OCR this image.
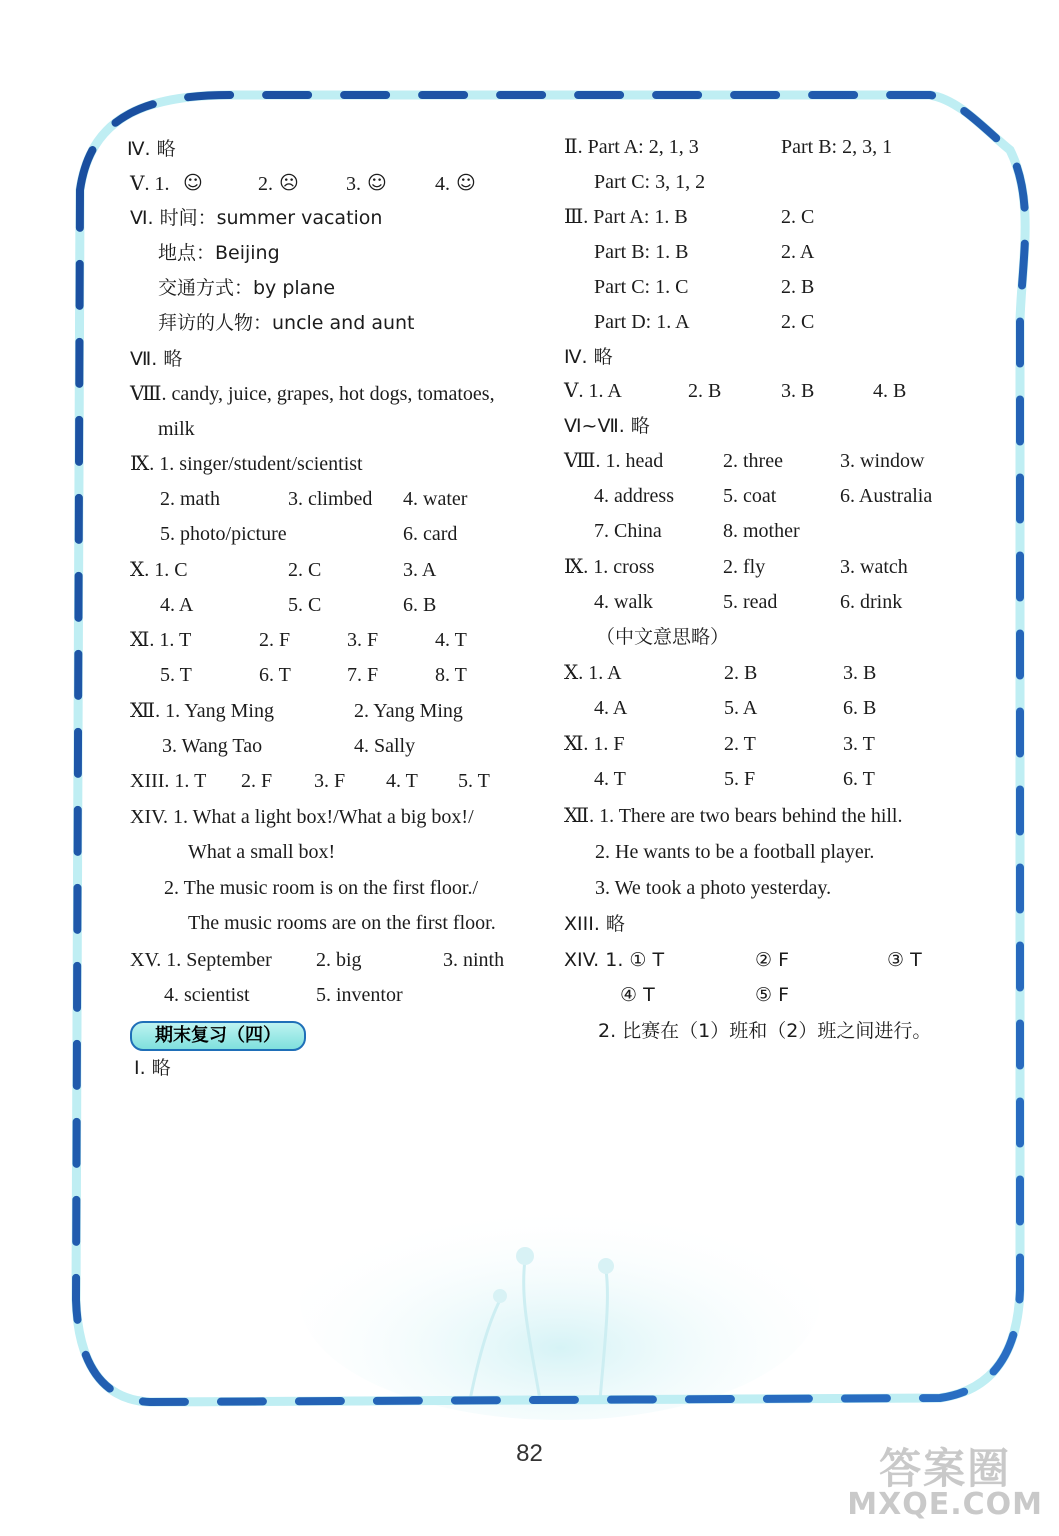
Ⅳ. 略
Ⅴ. 1. ☺	2. ☹ 3. ☺ 4. ☺
Ⅵ. 时间：summer vacation
地点：Beijing
交通方式：by plane
拜访的人物：uncle and aunt
Ⅶ. 略
Ⅷ. candy, juice, grapes, hot dogs, tomatoes,
milk
Ⅸ. 1. singer/student/scientist
2. math	3. climbed 4. water
5. photo/picture	6. card
Ⅹ. 1. C	2. C	3. A
4. A	5. C	6. B
Ⅺ. 1. T	2. F	3. F	4. T
5. T	6. T	7. F	8. T
Ⅻ. 1. Yang Ming	2. Yang Ming
3. Wang Tao	4. Sally
XIII. 1. T 2. F 3. F 4. T 5. T
XIV. 1. What a light box!/What a big box!/
What a small box!
2. The music room is on the first floor./
The music rooms are on the first floor.
XV. 1. September 2. big	3. ninth
4. scientist	5. inventor
期末复习（四）
Ⅰ. 略
Ⅱ. Part A: 2, 1, 3	Part B: 2, 3, 1
Part C: 3, 1, 2
Ⅲ. Part A: 1. B	2. C
Part B: 1. B	2. A
Part C: 1. C	2. B
Part D: 1. A	2. C
Ⅳ. 略
Ⅴ. 1. A	2. B	3. B	4. B
Ⅵ~Ⅶ. 略
Ⅷ. 1. head	2. three	3. window
4. address 5. coat	6. Australia
7. China	8. mother
Ⅸ. 1. cross	2. fly	3. watch
4. walk	5. read	6. drink
（中文意思略）
Ⅹ. 1. A	2. B	3. B
4. A	5. A	6. B
Ⅺ. 1. F	2. T	3. T
4. T	5. F	6. T
Ⅻ. 1. There are two bears behind the hill.
2. He wants to be a football player.
3. We took a photo yesterday.
XIII. 略
XIV. 1. ① T	② F	③ T
④ T	⑤ F
2. 比赛在（1）班和（2）班之间进行。
82	答案圈
MXQE.COM
